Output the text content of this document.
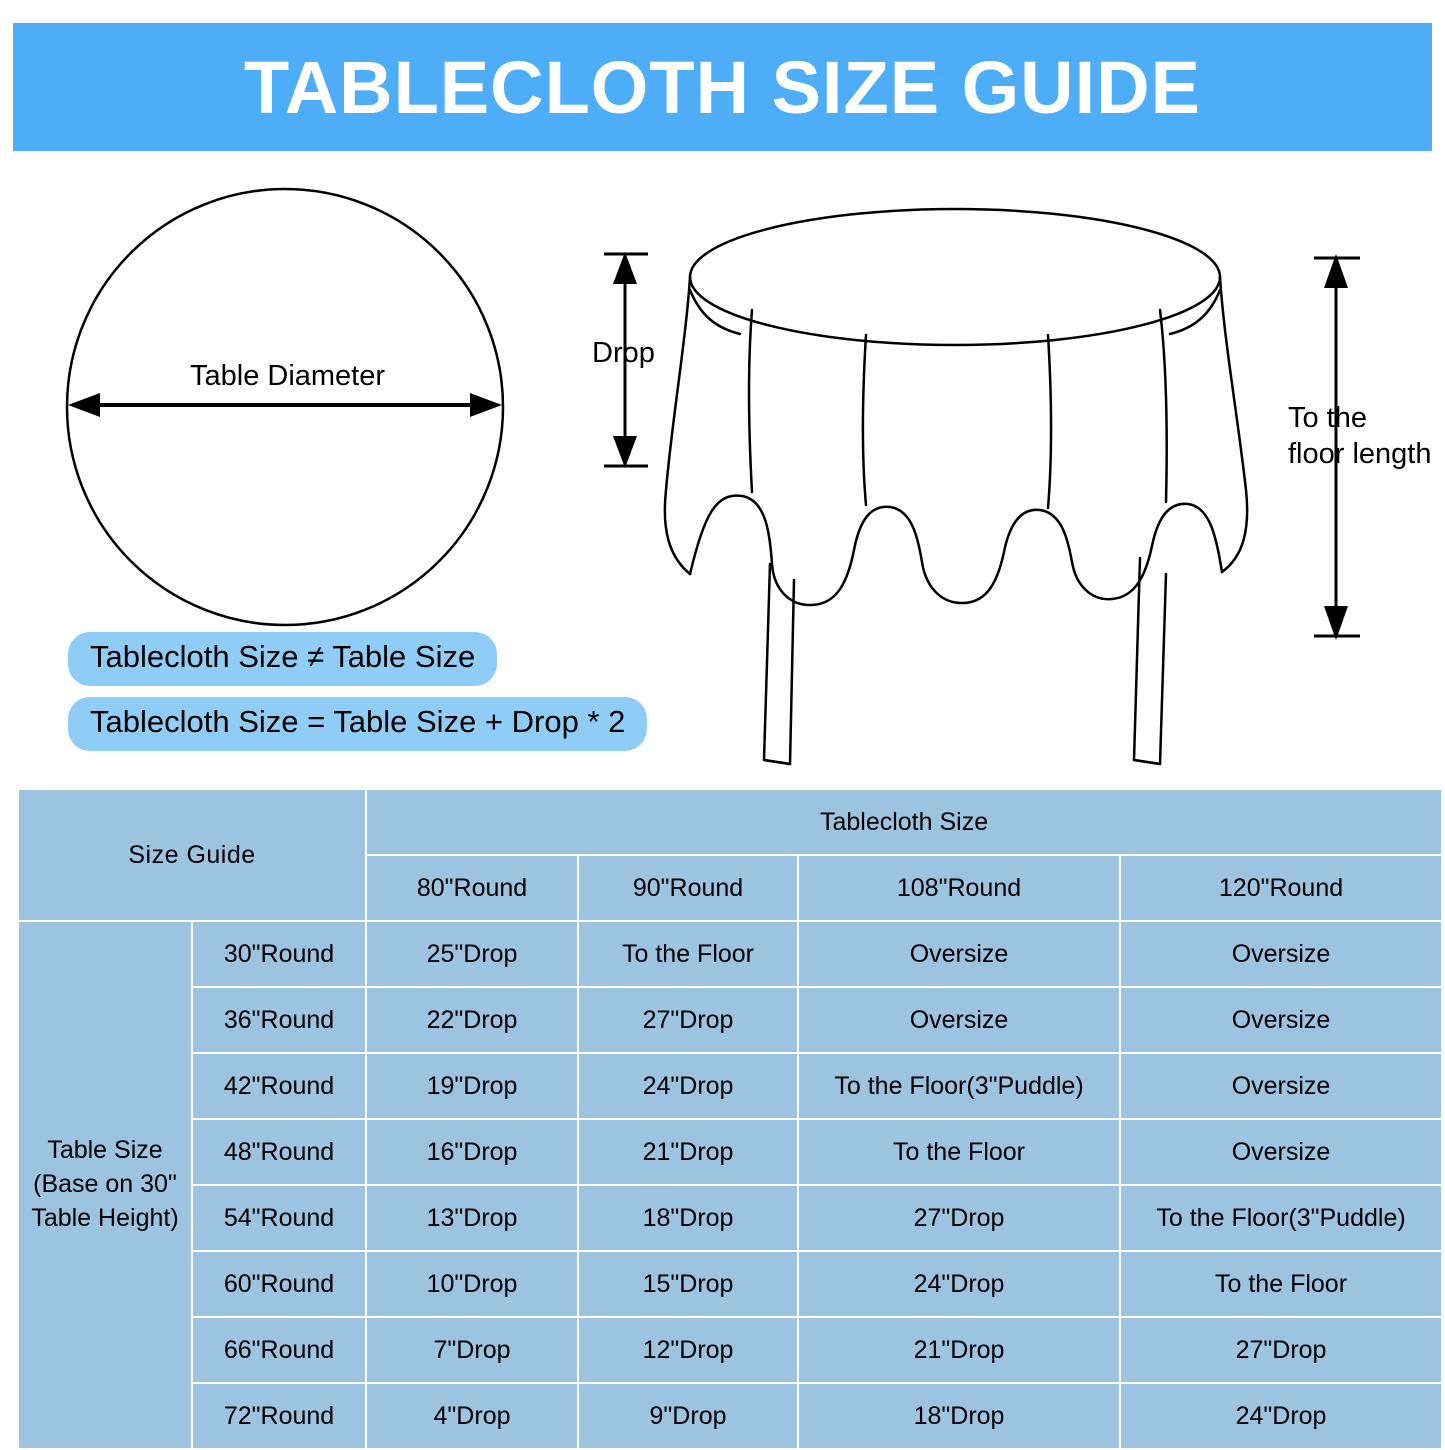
TABLECLOTH SIZE GUIDE
Table Diameter
Drop
To the
floor length
Tablecloth Size ≠ Table Size
Tablecloth Size = Table Size + Drop * 2
Size Guide		Tablecloth Size			
		80"Round	90"Round	108"Round	120"Round

Table Size
(Base on 30"
Table Height)	30"Round	25"Drop	To the Floor	Oversize	Oversize
	36"Round	22"Drop	27"Drop	Oversize	Oversize
	42"Round	19"Drop	24"Drop	To the Floor(3"Puddle)	Oversize
	48"Round	16"Drop	21"Drop	To the Floor	Oversize
	54"Round	13"Drop	18"Drop	27"Drop	To the Floor(3"Puddle)
	60"Round	10"Drop	15"Drop	24"Drop	To the Floor
	66"Round	7"Drop	12"Drop	21"Drop	27"Drop
	72"Round	4"Drop	9"Drop	18"Drop	24"Drop
